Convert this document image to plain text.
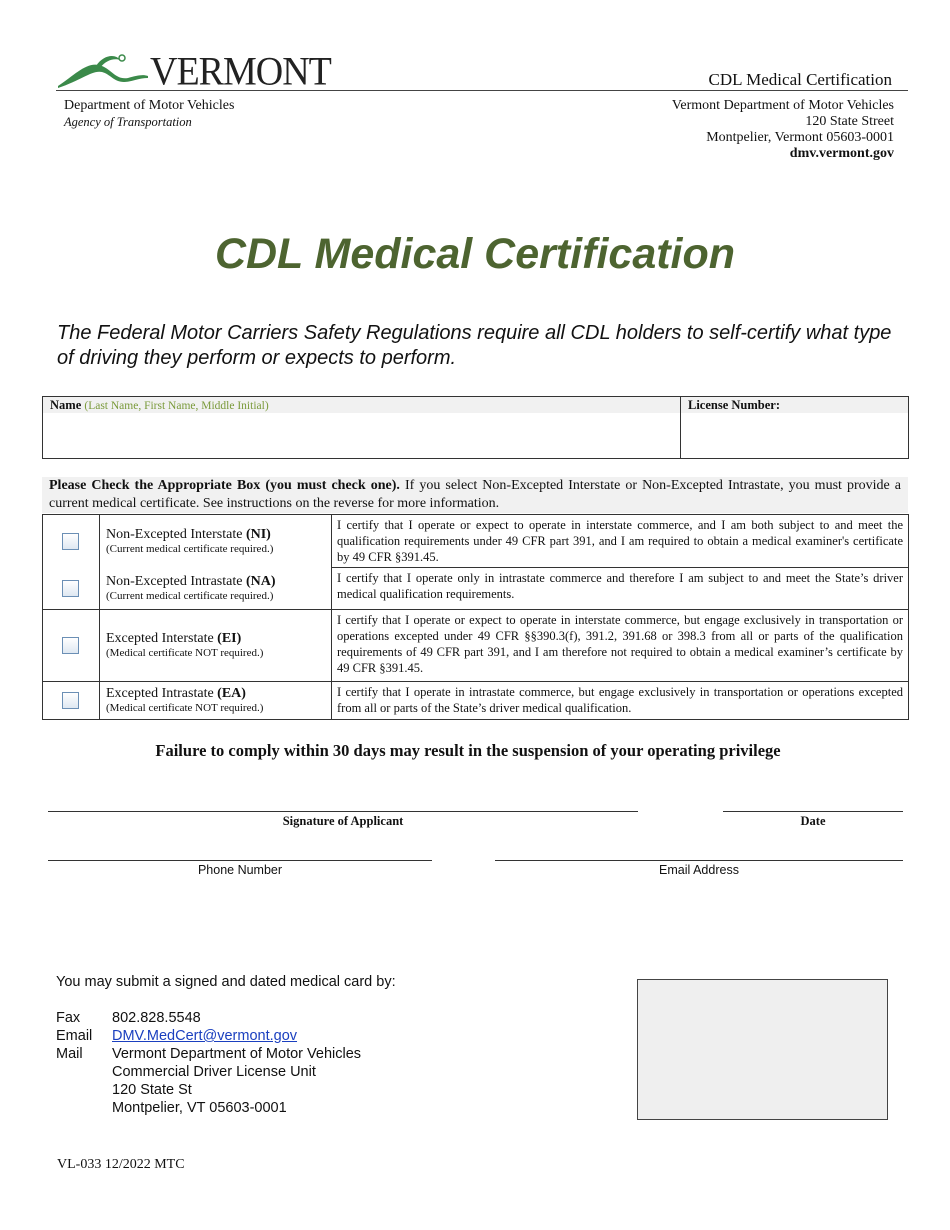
VERMONT	CDL Medical Certification
Department of Motor Vehicles
Agency of Transportation
Vermont Department of Motor Vehicles
120 State Street
Montpelier, Vermont 05603-0001
dmv.vermont.gov
CDL Medical Certification
The Federal Motor Carriers Safety Regulations require all CDL holders to self-certify what type of driving they perform or expects to perform.
Name (Last Name, First Name, Middle Initial)	License Number:
Please Check the Appropriate Box (you must check one). If you select Non-Excepted Interstate or Non-Excepted Intrastate, you must provide a current medical certificate. See instructions on the reverse for more information.
	Non-Excepted Interstate (NI)
(Current medical certificate required.)	I certify that I operate or expect to operate in interstate commerce, and I am both subject to and meet the qualification requirements under 49 CFR part 391, and I am required to obtain a medical examiner's certificate by 49 CFR §391.45.

	Non-Excepted Intrastate (NA)
(Current medical certificate required.)	I certify that I operate only in intrastate commerce and therefore I am subject to and meet the State’s driver medical qualification requirements.

	Excepted Interstate (EI)
(Medical certificate NOT required.)	I certify that I operate or expect to operate in interstate commerce, but engage exclusively in transportation or operations excepted under 49 CFR §§390.3(f), 391.2, 391.68 or 398.3 from all or parts of the qualification requirements of 49 CFR part 391, and I am therefore not required to obtain a medical examiner’s certificate by 49 CFR §391.45.

	Excepted Intrastate (EA)
(Medical certificate NOT required.)	I certify that I operate in intrastate commerce, but engage exclusively in transportation or operations excepted from all or parts of the State’s driver medical qualification.
Failure to comply within 30 days may result in the suspension of your operating privilege
Signature of Applicant	Date
Phone Number	Email Address
You may submit a signed and dated medical card by:
Fax	802.828.5548
Email	DMV.MedCert@vermont.gov
Mail	Vermont Department of Motor Vehicles
Commercial Driver License Unit
120 State St
Montpelier, VT 05603-0001
VL-033 12/2022 MTC
